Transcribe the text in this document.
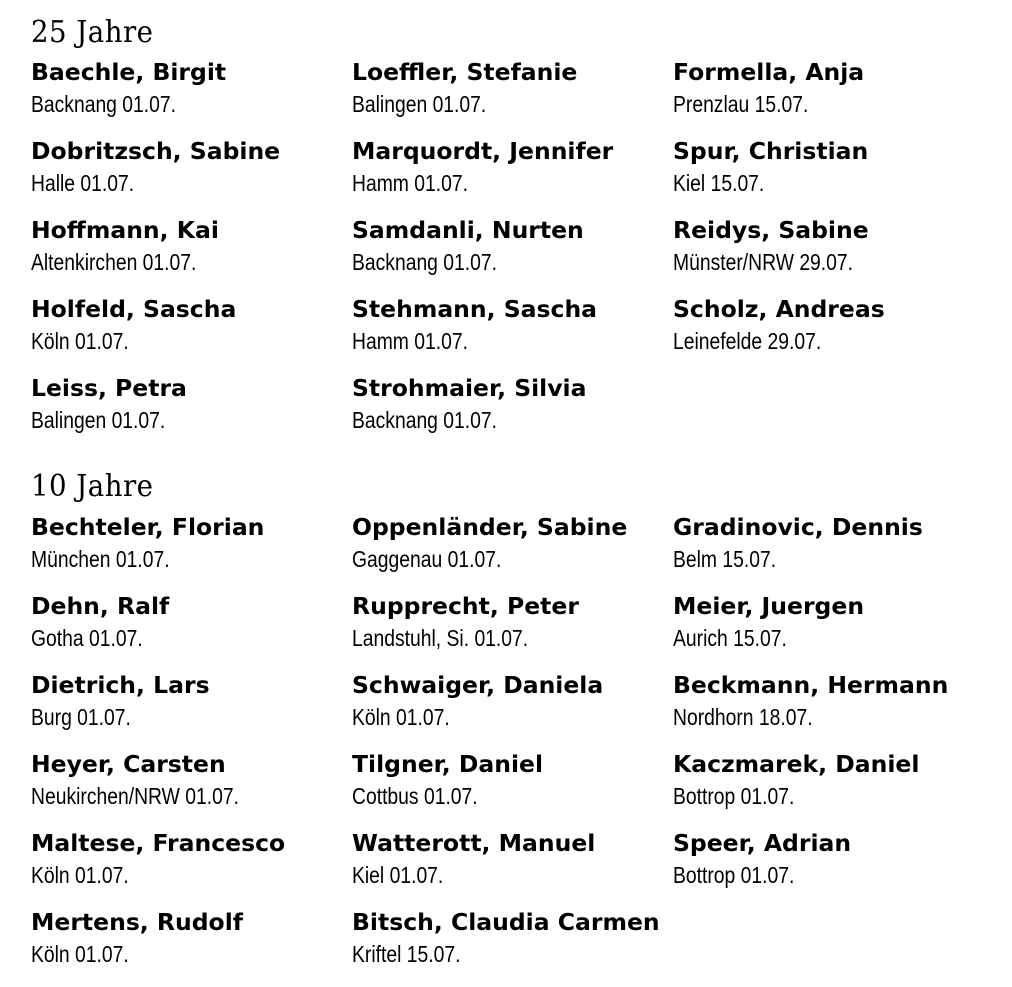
25 Jahre
Baechle, Birgit
Backnang 01.07.
Dobritzsch, Sabine
Halle 01.07.
Hoffmann, Kai
Altenkirchen 01.07.
Holfeld, Sascha
Köln 01.07.
Leiss, Petra
Balingen 01.07.
Loeffler, Stefanie
Balingen 01.07.
Marquordt, Jennifer
Hamm 01.07.
Samdanli, Nurten
Backnang 01.07.
Stehmann, Sascha
Hamm 01.07.
Strohmaier, Silvia
Backnang 01.07.
Formella, Anja
Prenzlau 15.07.
Spur, Christian
Kiel 15.07.
Reidys, Sabine
Münster/NRW 29.07.
Scholz, Andreas
Leinefelde 29.07.
10 Jahre
Bechteler, Florian
München 01.07.
Dehn, Ralf
Gotha 01.07.
Dietrich, Lars
Burg 01.07.
Heyer, Carsten
Neukirchen/NRW 01.07.
Maltese, Francesco
Köln 01.07.
Mertens, Rudolf
Köln 01.07.
Oppenländer, Sabine
Gaggenau 01.07.
Rupprecht, Peter
Landstuhl, Si. 01.07.
Schwaiger, Daniela
Köln 01.07.
Tilgner, Daniel
Cottbus 01.07.
Watterott, Manuel
Kiel 01.07.
Bitsch, Claudia Carmen
Kriftel 15.07.
Gradinovic, Dennis
Belm 15.07.
Meier, Juergen
Aurich 15.07.
Beckmann, Hermann
Nordhorn 18.07.
Kaczmarek, Daniel
Bottrop 01.07.
Speer, Adrian
Bottrop 01.07.
